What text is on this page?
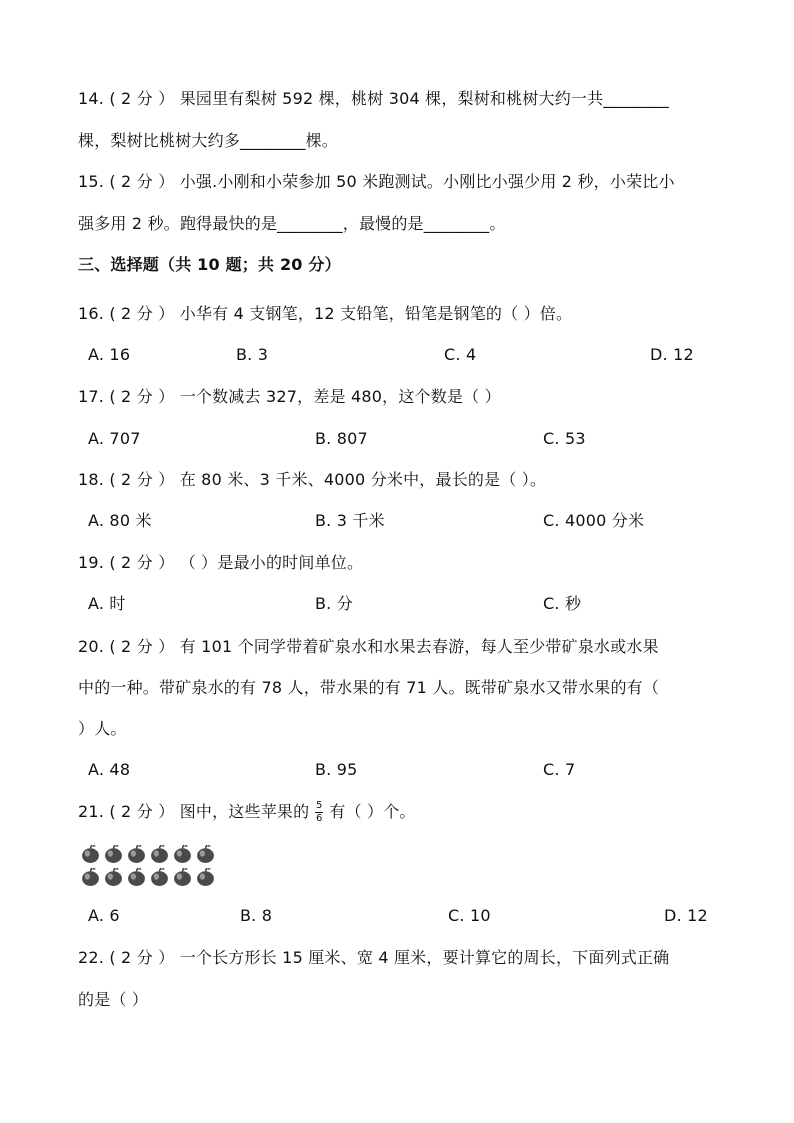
14. ( 2 分 ） 果园里有梨树 592 棵，桃树 304 棵，梨树和桃树大约一共________
棵，梨树比桃树大约多________棵。
15. ( 2 分 ） 小强.小刚和小荣参加 50 米跑测试。小刚比小强少用 2 秒，小荣比小
强多用 2 秒。跑得最快的是________，最慢的是________。
三、选择题（共 10 题；共 20 分）
16. ( 2 分 ） 小华有 4 支钢笔，12 支铅笔，铅笔是钢笔的（ ）倍。
A. 16	B. 3	C. 4	D. 12
17. ( 2 分 ） 一个数减去 327，差是 480，这个数是（ ）
A. 707	B. 807	C. 53
18. ( 2 分 ） 在 80 米、3 千米、4000 分米中，最长的是（ ）。
A. 80 米	B. 3 千米	C. 4000 分米
19. ( 2 分 ） （ ）是最小的时间单位。
A. 时	B. 分	C. 秒
20. ( 2 分 ） 有 101 个同学带着矿泉水和水果去春游，每人至少带矿泉水或水果
中的一种。带矿泉水的有 78 人，带水果的有 71 人。既带矿泉水又带水果的有（
）人。
A. 48	B. 95	C. 7
21. ( 2 分 ） 图中，这些苹果的 $\frac{5}{6}$ 有（ ）个。
A. 6	B. 8	C. 10	D. 12
22. ( 2 分 ） 一个长方形长 15 厘米、宽 4 厘米，要计算它的周长，下面列式正确
的是（ ）
